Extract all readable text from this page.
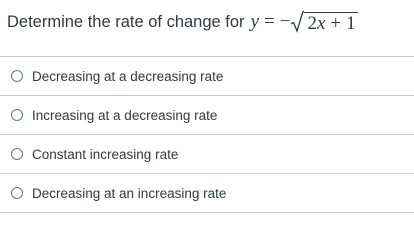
Determine the rate of change for y = − 2x + 1
Decreasing at a decreasing rate
Increasing at a decreasing rate
Constant increasing rate
Decreasing at an increasing rate
